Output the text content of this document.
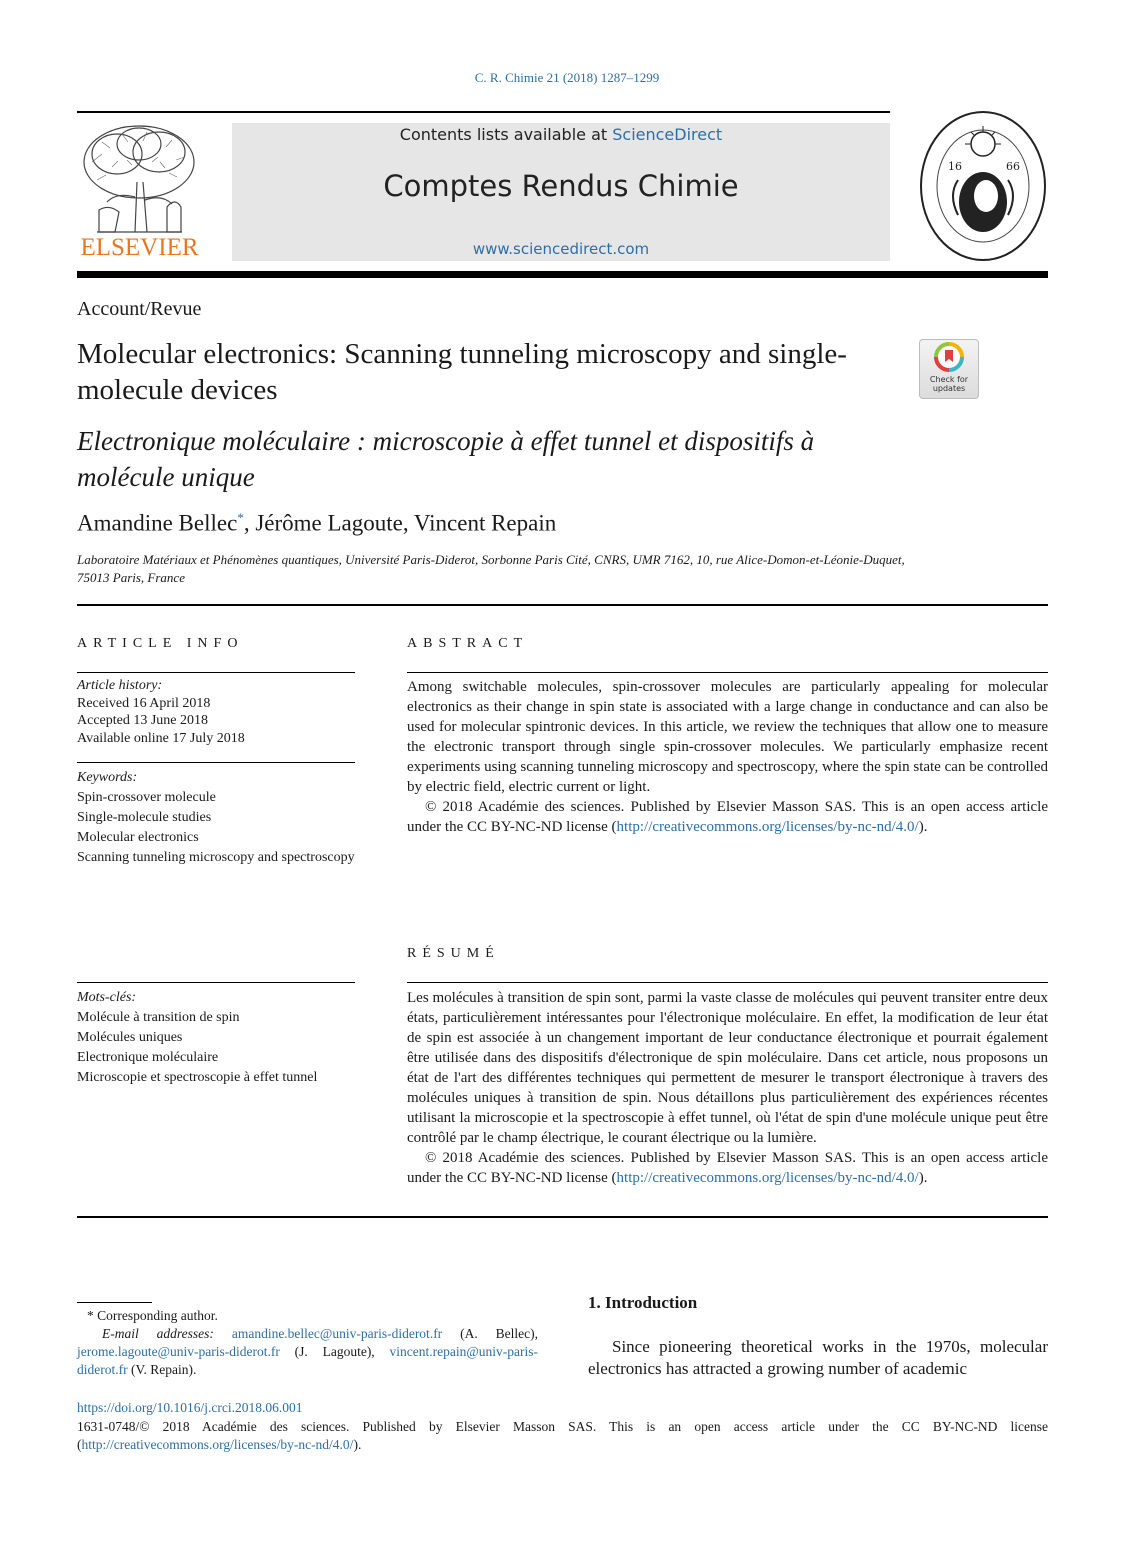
C. R. Chimie 21 (2018) 1287–1299
ELSEVIER
Contents lists available at ScienceDirect
Comptes Rendus Chimie
www.sciencedirect.com
16	66
Account/Revue
Molecular electronics: Scanning tunneling microscopy and single-molecule devices
Electronique moléculaire : microscopie à effet tunnel et dispositifs à molécule unique
Check for updates
Amandine Bellec*, Jérôme Lagoute, Vincent Repain
Laboratoire Matériaux et Phénomènes quantiques, Université Paris-Diderot, Sorbonne Paris Cité, CNRS, UMR 7162, 10, rue Alice-Domon-et-Léonie-Duquet, 75013 Paris, France
ARTICLE INFO
Article history:
Received 16 April 2018
Accepted 13 June 2018
Available online 17 July 2018
Keywords:
Spin-crossover molecule
Single-molecule studies
Molecular electronics
Scanning tunneling microscopy and spectroscopy
ABSTRACT

Among switchable molecules, spin-crossover molecules are particularly appealing for molecular electronics as their change in spin state is associated with a large change in conductance and can also be used for molecular spintronic devices. In this article, we review the techniques that allow one to measure the electronic transport through single spin-crossover molecules. We particularly emphasize recent experiments using scanning tunneling microscopy and spectroscopy, where the spin state can be controlled by electric field, electric current or light.

© 2018 Académie des sciences. Published by Elsevier Masson SAS. This is an open access article under the CC BY-NC-ND license (http://creativecommons.org/licenses/by-nc-nd/4.0/).

RÉSUMÉ
Mots-clés:
Molécule à transition de spin
Molécules uniques
Electronique moléculaire
Microscopie et spectroscopie à effet tunnel

Les molécules à transition de spin sont, parmi la vaste classe de molécules qui peuvent transiter entre deux états, particulièrement intéressantes pour l'électronique moléculaire. En effet, la modification de leur état de spin est associée à un changement important de leur conductance électronique et pourrait également être utilisée dans des dispositifs d'électronique de spin moléculaire. Dans cet article, nous proposons un état de l'art des différentes techniques qui permettent de mesurer le transport électronique à travers des molécules uniques à transition de spin. Nous détaillons plus particulièrement des expériences récentes utilisant la microscopie et la spectroscopie à effet tunnel, où l'état de spin d'une molécule unique peut être contrôlé par le champ électrique, le courant électrique ou la lumière.

© 2018 Académie des sciences. Published by Elsevier Masson SAS. This is an open access article under the CC BY-NC-ND license (http://creativecommons.org/licenses/by-nc-nd/4.0/).

* Corresponding author.
E-mail addresses: amandine.bellec@univ-paris-diderot.fr (A. Bellec), jerome.lagoute@univ-paris-diderot.fr (J. Lagoute), vincent.repain@univ-paris-diderot.fr (V. Repain).
1. Introduction
Since pioneering theoretical works in the 1970s, molecular electronics has attracted a growing number of academic
https://doi.org/10.1016/j.crci.2018.06.001
1631-0748/© 2018 Académie des sciences. Published by Elsevier Masson SAS. This is an open access article under the CC BY-NC-ND license (http://creativecommons.org/licenses/by-nc-nd/4.0/).
